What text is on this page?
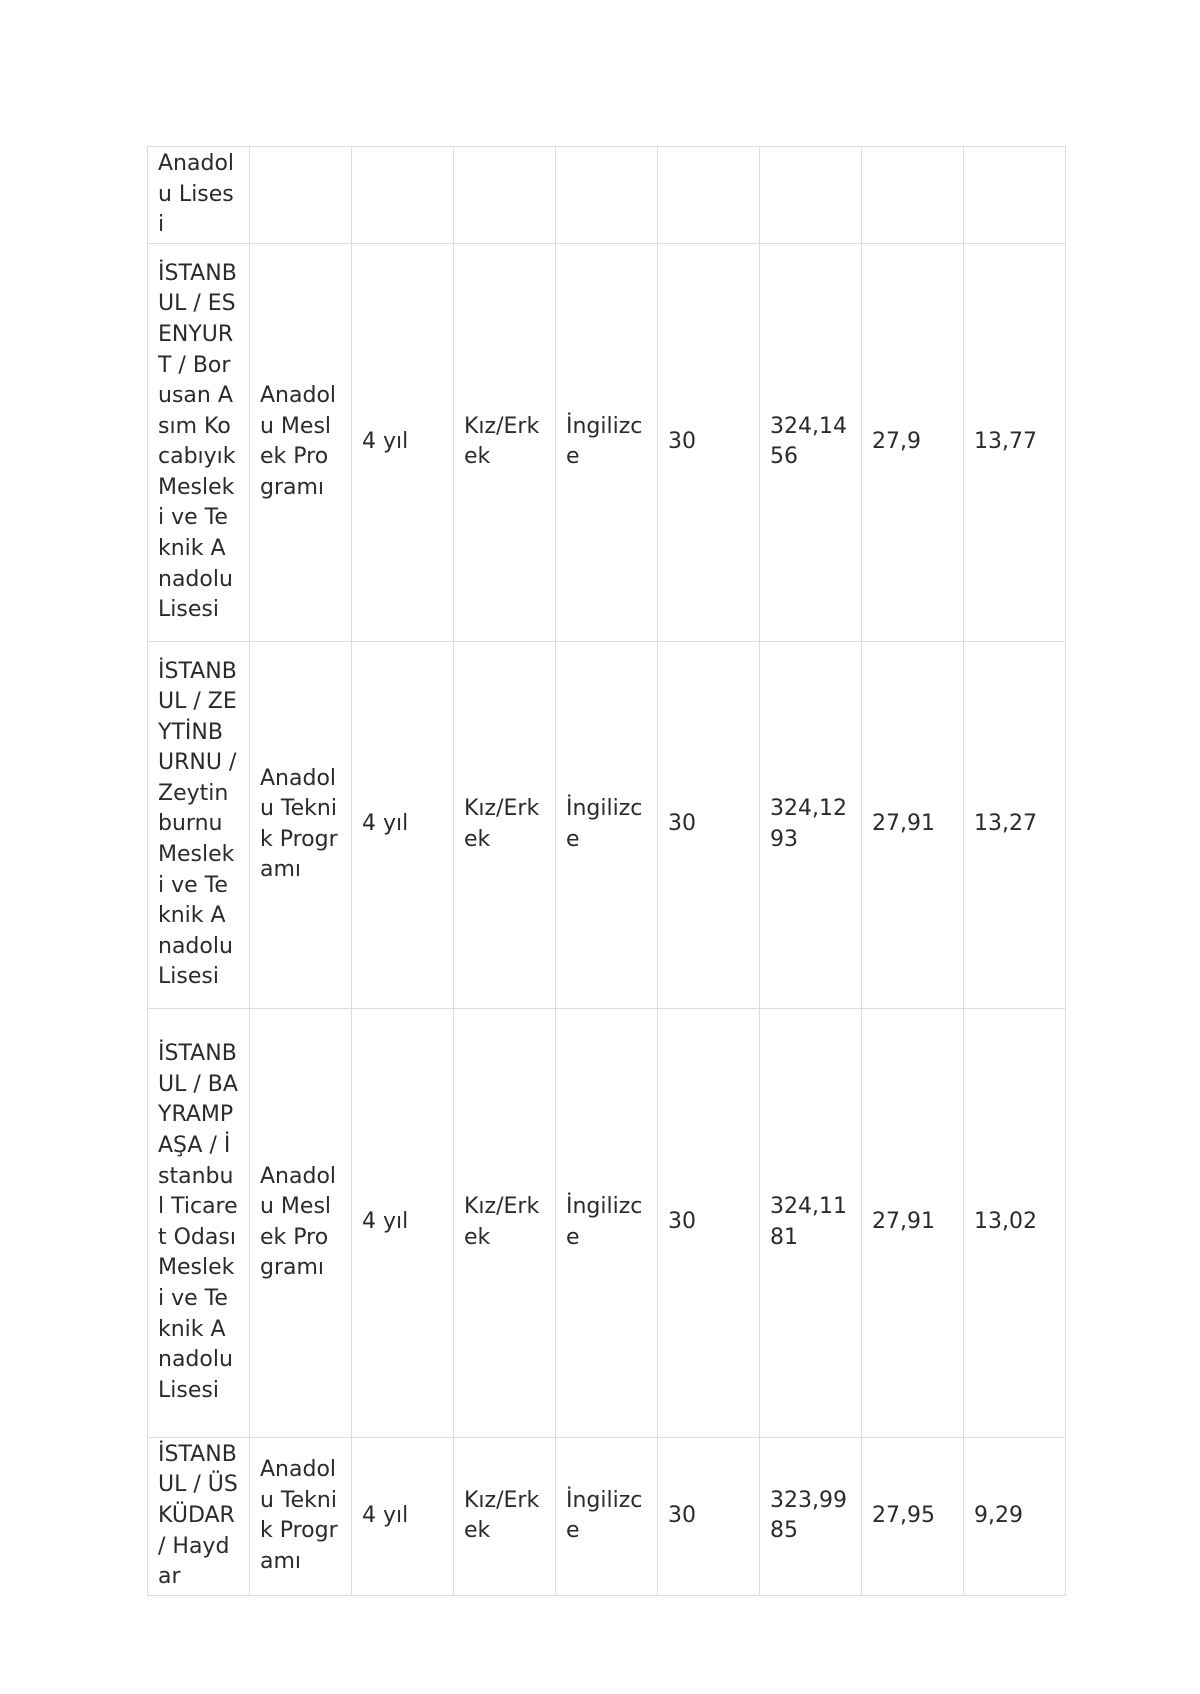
Anadolu Lisesi								
İSTANBUL / ESENYURT / Borusan Asım Kocabıyık Mesleki ve Teknik Anadolu Lisesi	Anadolu Meslek Programı	4 yıl	Kız/Erkek	İngilizce	30	324,1456	27,9	13,77
İSTANBUL / ZEYTİNBURNU / Zeytinburnu Mesleki ve Teknik Anadolu Lisesi	Anadolu Teknik Programı	4 yıl	Kız/Erkek	İngilizce	30	324,1293	27,91	13,27
İSTANBUL / BAYRAMPAŞA / İstanbul Ticaret Odası Mesleki ve Teknik Anadolu Lisesi	Anadolu Meslek Programı	4 yıl	Kız/Erkek	İngilizce	30	324,1181	27,91	13,02
İSTANBUL / ÜSKÜDAR / Haydar	Anadolu Teknik Programı	4 yıl	Kız/Erkek	İngilizce	30	323,9985	27,95	9,29
